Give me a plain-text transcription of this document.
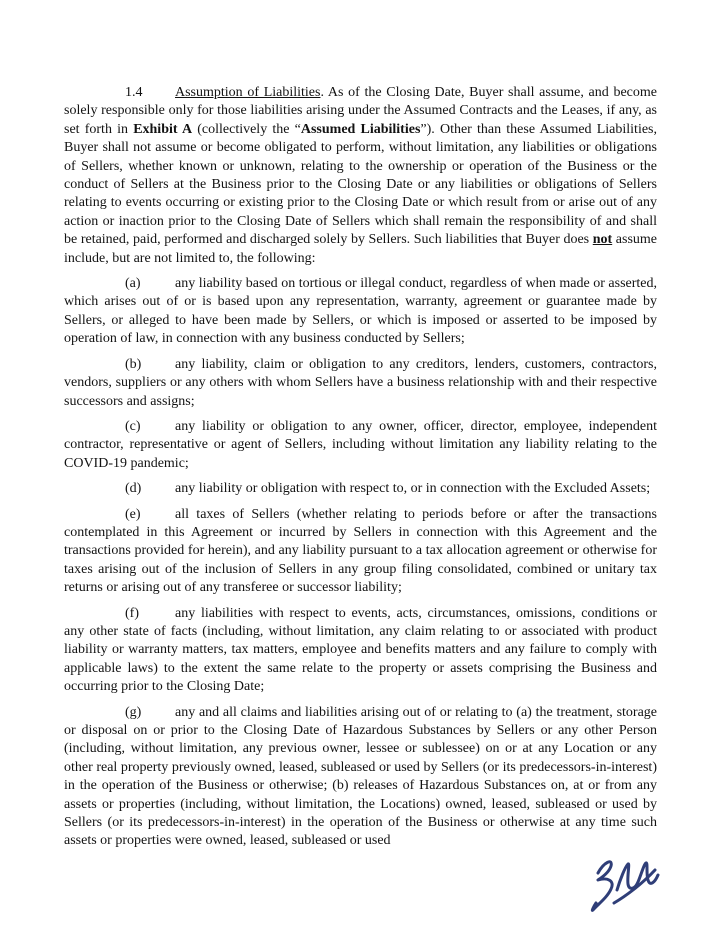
1.4 Assumption of Liabilities. As of the Closing Date, Buyer shall assume, and become solely responsible only for those liabilities arising under the Assumed Contracts and the Leases, if any, as set forth in Exhibit A (collectively the “Assumed Liabilities”). Other than these Assumed Liabilities, Buyer shall not assume or become obligated to perform, without limitation, any liabilities or obligations of Sellers, whether known or unknown, relating to the ownership or operation of the Business or the conduct of Sellers at the Business prior to the Closing Date or any liabilities or obligations of Sellers relating to events occurring or existing prior to the Closing Date or which result from or arise out of any action or inaction prior to the Closing Date of Sellers which shall remain the responsibility of and shall be retained, paid, performed and discharged solely by Sellers. Such liabilities that Buyer does not assume include, but are not limited to, the following:

(a) any liability based on tortious or illegal conduct, regardless of when made or asserted, which arises out of or is based upon any representation, warranty, agreement or guarantee made by Sellers, or alleged to have been made by Sellers, or which is imposed or asserted to be imposed by operation of law, in connection with any business conducted by Sellers;

(b) any liability, claim or obligation to any creditors, lenders, customers, contractors, vendors, suppliers or any others with whom Sellers have a business relationship with and their respective successors and assigns;

(c) any liability or obligation to any owner, officer, director, employee, independent contractor, representative or agent of Sellers, including without limitation any liability relating to the COVID-19 pandemic;

(d) any liability or obligation with respect to, or in connection with the Excluded Assets;

(e) all taxes of Sellers (whether relating to periods before or after the transactions contemplated in this Agreement or incurred by Sellers in connection with this Agreement and the transactions provided for herein), and any liability pursuant to a tax allocation agreement or otherwise for taxes arising out of the inclusion of Sellers in any group filing consolidated, combined or unitary tax returns or arising out of any transferee or successor liability;

(f)	any liabilities with respect to events, acts, circumstances, omissions, conditions or any other state of facts (including, without limitation, any claim relating to or associated with product liability or warranty matters, tax matters, employee and benefits matters and any failure to comply with applicable laws) to the extent the same relate to the property or assets comprising the Business and occurring prior to the Closing Date;

(g) any and all claims and liabilities arising out of or relating to (a) the treatment, storage or disposal on or prior to the Closing Date of Hazardous Substances by Sellers or any other Person (including, without limitation, any previous owner, lessee or sublessee) on or at any Location or any other real property previously owned, leased, subleased or used by Sellers (or its predecessors-in-interest) in the operation of the Business or otherwise; (b) releases of Hazardous Substances on, at or from any assets or properties (including, without limitation, the Locations) owned, leased, subleased or used by Sellers (or its predecessors-in-interest) in the operation of the Business or otherwise at any time such assets or properties were owned, leased, subleased or used
